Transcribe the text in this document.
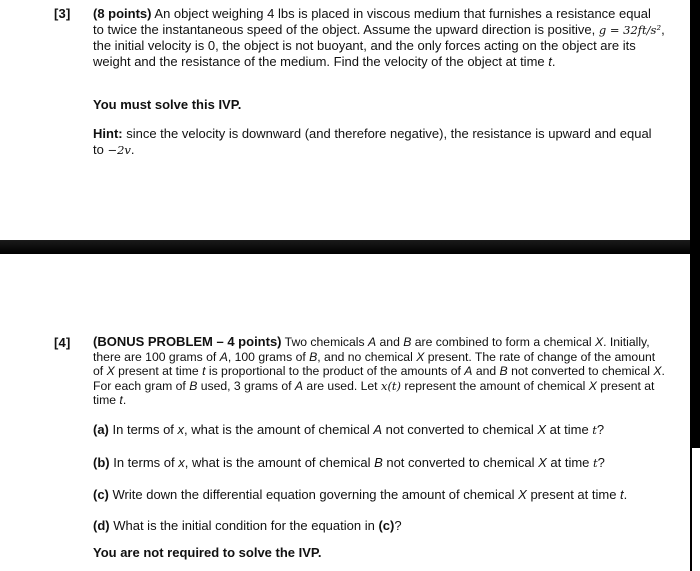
[3] (8 points) An object weighing 4 lbs is placed in viscous medium that furnishes a resistance equal to twice the instantaneous speed of the object. Assume the upward direction is positive, g = 32ft/s², the initial velocity is 0, the object is not buoyant, and the only forces acting on the object are its weight and the resistance of the medium. Find the velocity of the object at time t.
You must solve this IVP.
Hint: since the velocity is downward (and therefore negative), the resistance is upward and equal to −2v.
[4] (BONUS PROBLEM – 4 points) Two chemicals A and B are combined to form a chemical X. Initially, there are 100 grams of A, 100 grams of B, and no chemical X present. The rate of change of the amount of X present at time t is proportional to the product of the amounts of A and B not converted to chemical X. For each gram of B used, 3 grams of A are used. Let x(t) represent the amount of chemical X present at time t.
(a) In terms of x, what is the amount of chemical A not converted to chemical X at time t?
(b) In terms of x, what is the amount of chemical B not converted to chemical X at time t?
(c) Write down the differential equation governing the amount of chemical X present at time t.
(d) What is the initial condition for the equation in (c)?
You are not required to solve the IVP.
